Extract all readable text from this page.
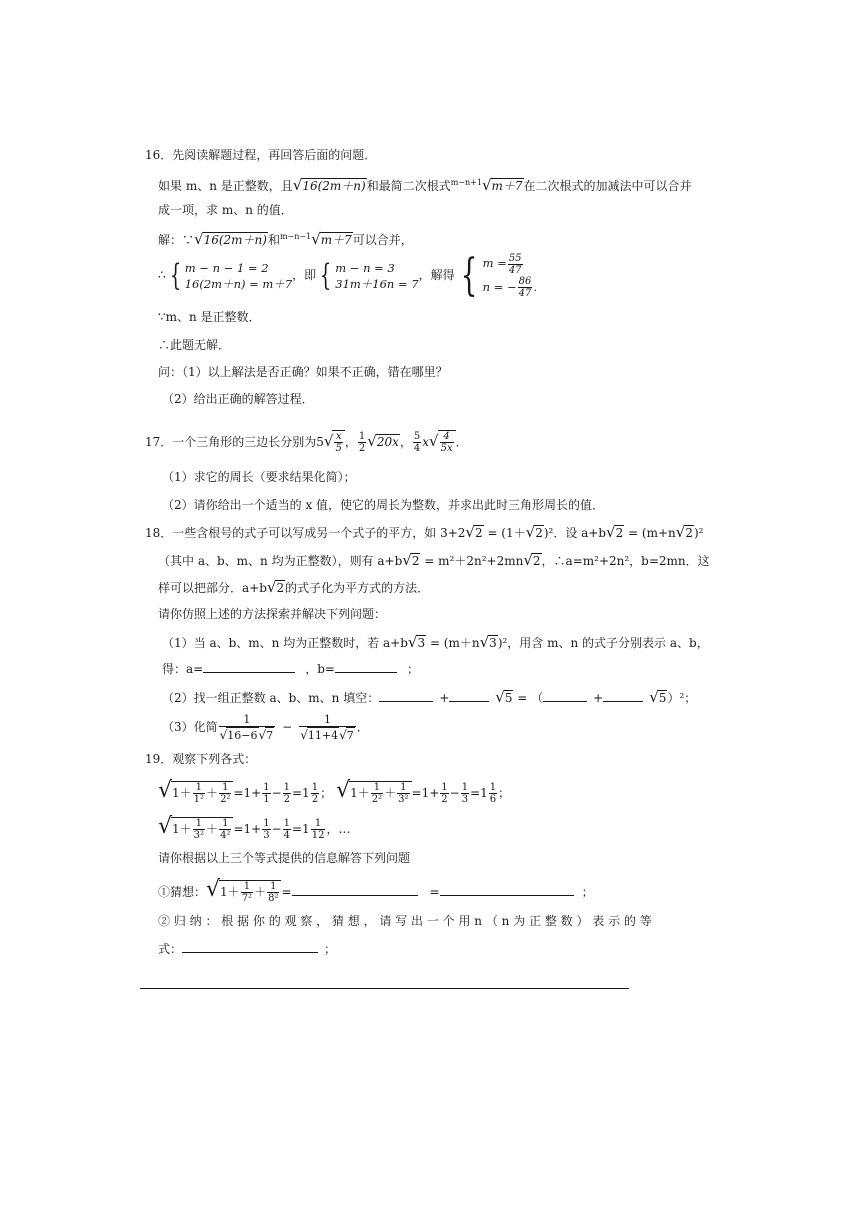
16．先阅读解题过程，再回答后面的问题．
如果 m、n 是正整数，且√16(2m＋n)和最简二次根式$^{m-n+1}$√m＋7在二次根式的加减法中可以合并
成一项，求 m、n 的值．
解：∵√16(2m＋n)和$^{m-n-1}$√m＋7可以合并，
∴ { m − n − 1 = 2
16(2m＋n) = m＋7
，即 { m − n = 3
31m＋16n = 7
，解得 { $m = \frac{55}{47}$
n = − $\frac{86}{47}$ .
∵m、n 是正整数．
∴此题无解．
问：（1）以上解法是否正确？如果不正确，错在哪里？
（2）给出正确的解答过程．
17．一个三角形的三边长分别为$5√ \frac{x}{5}$ ， $\frac{1}{2} √20x$， $\frac{5}{4} x√ \frac{4}{5x}$ ．
（1）求它的周长（要求结果化简）；
（2）请你给出一个适当的 x 值，使它的周长为整数，并求出此时三角形周长的值．
18．一些含根号的式子可以写成另一个式子的平方，如 3+2√2 = (1＋√2)²．设 a+b√2 = (m+n√2)²
（其中 a、b、m、n 均为正整数），则有 a+b√2 = m²＋2n²+2mn√2，∴a=m²+2n²，b=2mn．这
样可以把部分．a+b√2的式子化为平方式的方法．
请你仿照上述的方法探索并解决下列问题：
（1）当 a、b、m、n 均为正整数时，若 a+b√3 = (m＋n√3)²，用含 m、n 的式子分别表示 a、b，
得：a=	，b=	；
（2）找一组正整数 a、b、m、n 填空：	+	√5 = （	+	√5）²；
（3）化简 $\frac{1}{√16-6√7} - \frac{1}{√11+4√7}$ ．
19．观察下列各式：
$√1+ \frac{1}{\text{1²}} + \frac{1}{\text{2²}} =1+ \frac{1}{1} - \frac{1}{2} =1 \frac{1}{2}$ ； $√1+ \frac{1}{\text{2²}} + \frac{1}{\text{3²}} =1+ \frac{1}{2} - \frac{1}{3} =1 \frac{1}{6}$ ；
$√1+ \frac{1}{\text{3²}} + \frac{1}{\text{4²}} =1+ \frac{1}{3} - \frac{1}{4} =1 \frac{1}{12}$ ，…
请你根据以上三个等式提供的信息解答下列问题
①猜想：$√1+ \frac{1}{\text{7²}} + \frac{1}{\text{8²}}$ =	=	；
② 归 纳 ： 根 据 你 的 观 察 ， 猜 想 ， 请 写 出 一 个 用 n （ n 为 正 整 数 ） 表 示 的 等
式：	；
